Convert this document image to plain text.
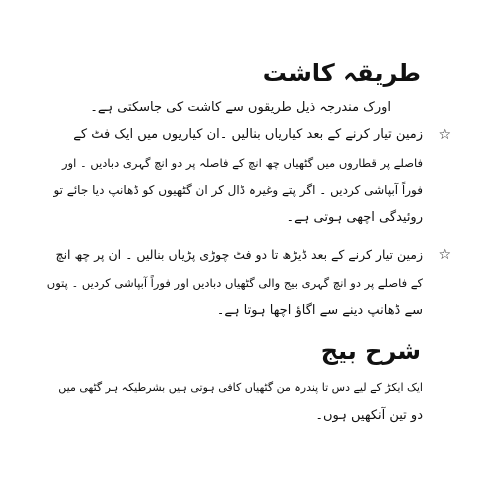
طریقہ کاشت
اورک مندرجہ ذیل طریقوں سے کاشت کی جاسکتی ہے۔
☆
زمین تیار کرنے کے بعد کیاریاں بنالیں ۔ان کیاریوں میں ایک فٹ کے
فاصلے پر قطاروں میں گٹھیاں چھ انچ کے فاصلہ پر دو انچ گہری دبادیں ۔ اور
فوراً آبپاشی کردیں ۔ اگر پتے وغیرہ ڈال کر ان گٹھیوں کو ڈھانپ دیا جائے تو
روئیدگی اچھی ہوتی ہے۔
☆
زمین تیار کرنے کے بعد ڈیڑھ تا دو فٹ چوڑی پڑیاں بنالیں ۔ ان پر چھ انچ
کے فاصلے پر دو انچ گہری بیج والی گٹھیاں دبادیں اور فوراً آبپاشی کردیں ۔ پتوں
سے ڈھانپ دینے سے اگاؤ اچھا ہوتا ہے۔
شرح بیج
ایک ایکڑ کے لیے دس تا پندرہ من گٹھیاں کافی ہوتی ہیں بشرطیکہ ہر گٹھی میں
دو تین آنکھیں ہوں۔
